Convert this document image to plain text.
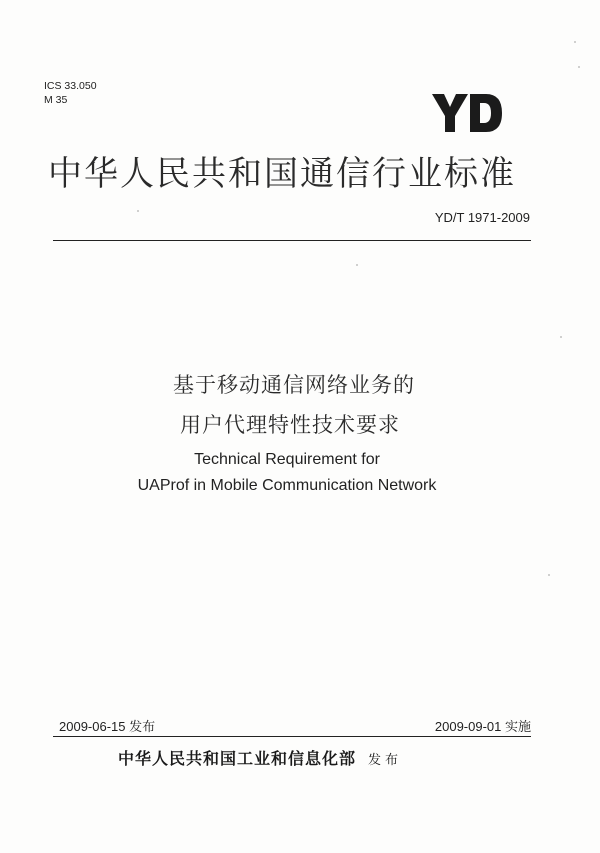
ICS 33.050
M 35
中华人民共和国通信行业标准
YD/T 1971-2009
基于移动通信网络业务的
用户代理特性技术要求
Technical Requirement for
UAProf in Mobile Communication Network
2009-06-15 发布	2009-09-01 实施
中华人民共和国工业和信息化部 发布
